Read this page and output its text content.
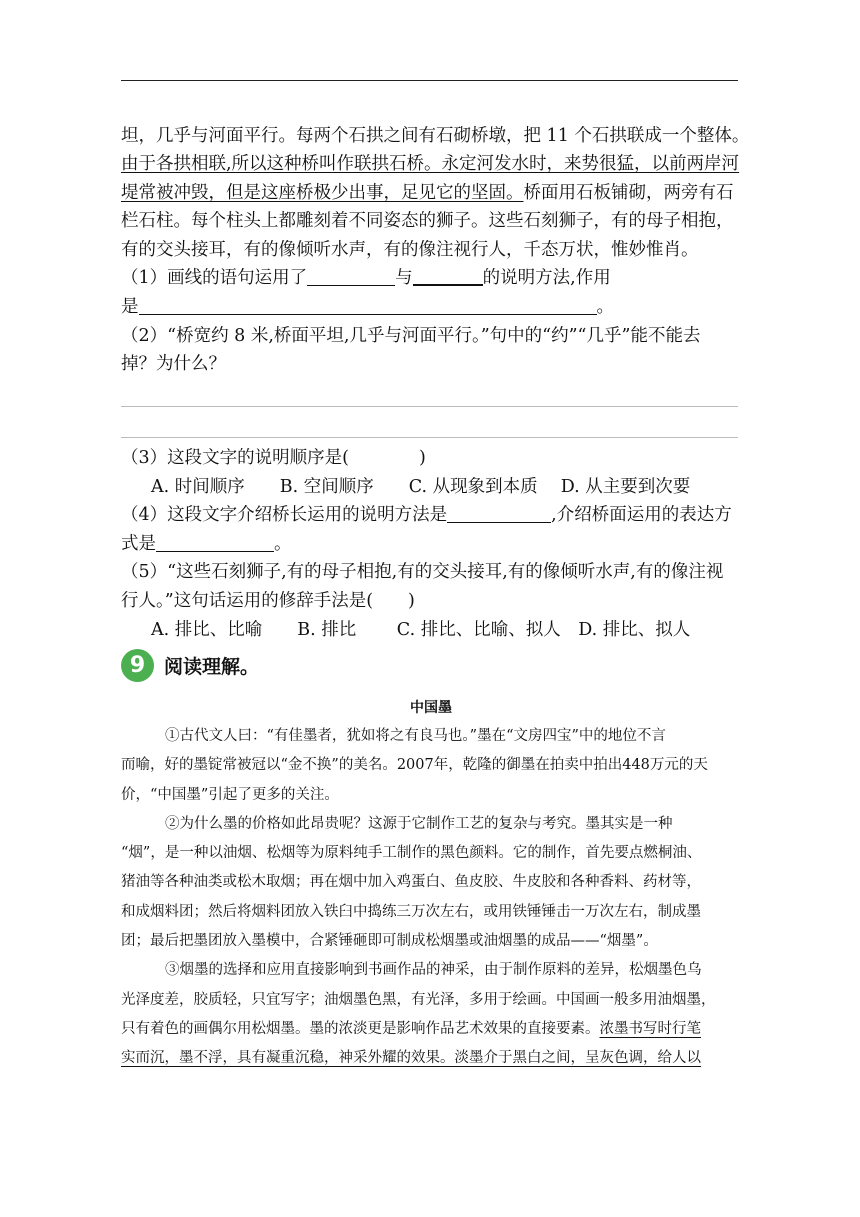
坦，几乎与河面平行。每两个石拱之间有石砌桥墩，把 11 个石拱联成一个整体。
由于各拱相联,所以这种桥叫作联拱石桥。永定河发水时，来势很猛，以前两岸河
堤常被冲毁，但是这座桥极少出事，足见它的坚固。桥面用石板铺砌，两旁有石
栏石柱。每个柱头上都雕刻着不同姿态的狮子。这些石刻狮子，有的母子相抱，
有的交头接耳，有的像倾听水声，有的像注视行人，千态万状，惟妙惟肖。
（1）画线的语句运用了	与	的说明方法,作用
是	。
（2）“桥宽约 8 米,桥面平坦,几乎与河面平行。”句中的“约”“几乎”能不能去
掉？为什么？
（3）这段文字的说明顺序是(　　　　)
A. 时间顺序　　B. 空间顺序　　C. 从现象到本质　 D. 从主要到次要
（4）这段文字介绍桥长运用的说明方法是	,介绍桥面运用的表达方
式是	。
（5）“这些石刻狮子,有的母子相抱,有的交头接耳,有的像倾听水声,有的像注视
行人。”这句话运用的修辞手法是(　　)
A. 排比、比喻　　B. 排比　　 C. 排比、比喻、拟人　D. 排比、拟人
9 阅读理解。
中国墨
①古代文人曰：“有佳墨者，犹如将之有良马也。”墨在“文房四宝”中的地位不言
而喻，好的墨锭常被冠以“金不换”的美名。2007年，乾隆的御墨在拍卖中拍出448万元的天
价，“中国墨”引起了更多的关注。
②为什么墨的价格如此昂贵呢？这源于它制作工艺的复杂与考究。墨其实是一种
“烟”，是一种以油烟、松烟等为原料纯手工制作的黑色颜料。它的制作，首先要点燃桐油、
猪油等各种油类或松木取烟；再在烟中加入鸡蛋白、鱼皮胶、牛皮胶和各种香料、药材等，
和成烟料团；然后将烟料团放入铁臼中捣练三万次左右，或用铁锤锤击一万次左右，制成墨
团；最后把墨团放入墨模中，合紧锤砸即可制成松烟墨或油烟墨的成品——“烟墨”。
③烟墨的选择和应用直接影响到书画作品的神采，由于制作原料的差异，松烟墨色乌
光泽度差，胶质轻，只宜写字；油烟墨色黑，有光泽，多用于绘画。中国画一般多用油烟墨，
只有着色的画偶尔用松烟墨。墨的浓淡更是影响作品艺术效果的直接要素。浓墨书写时行笔
实而沉，墨不浮，具有凝重沉稳，神采外耀的效果。淡墨介于黑白之间，呈灰色调，给人以
